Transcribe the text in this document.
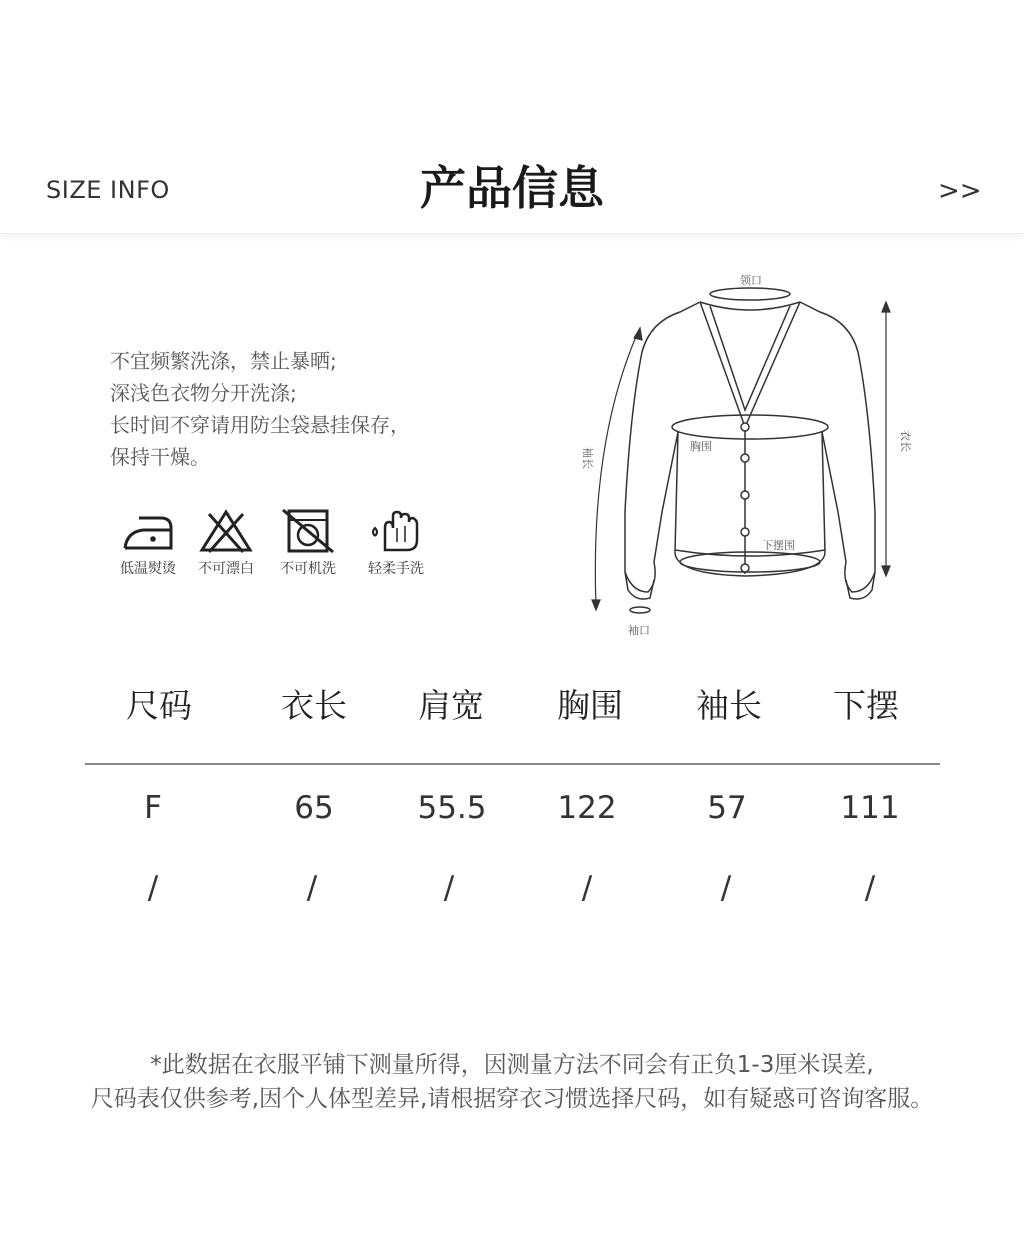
SIZE INFO	产品信息	>>
不宜频繁洗涤，禁止暴晒;
深浅色衣物分开洗涤;
长时间不穿请用防尘袋悬挂保存，
保持干燥。
低温熨烫	不可漂白	不可机洗	轻柔手洗
领口
胸围
下摆围
袖口
袖长
衣长
尺码	衣长	肩宽	胸围	袖长	下摆
F	65	55.5	122	57	111
/	/	/	/	/	/
*此数据在衣服平铺下测量所得，因测量方法不同会有正负1-3厘米误差,
尺码表仅供参考,因个人体型差异,请根据穿衣习惯选择尺码，如有疑惑可咨询客服。
